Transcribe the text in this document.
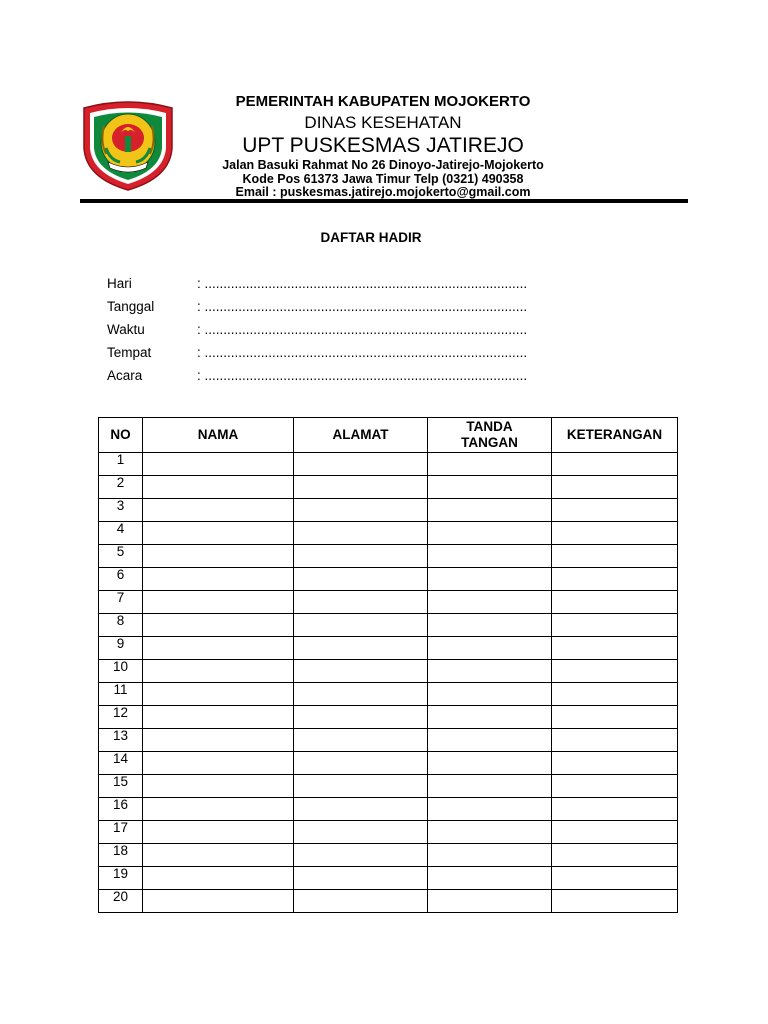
PEMERINTAH KABUPATEN MOJOKERTO
DINAS KESEHATAN
UPT PUSKESMAS JATIREJO
Jalan Basuki Rahmat No 26 Dinoyo-Jatirejo-Mojokerto
Kode Pos 61373 Jawa Timur Telp (0321) 490358
Email : puskesmas.jatirejo.mojokerto@gmail.com
DAFTAR HADIR
Hari	: ......................................................................................
Tanggal	: ......................................................................................
Waktu	: ......................................................................................
Tempat	: ......................................................................................
Acara	: ......................................................................................
NO	NAMA	ALAMAT	TANDA
TANGAN	KETERANGAN
1				
2				
3				
4				
5				
6				
7				
8				
9				
10				
11				
12				
13				
14				
15				
16				
17				
18				
19				
20				
